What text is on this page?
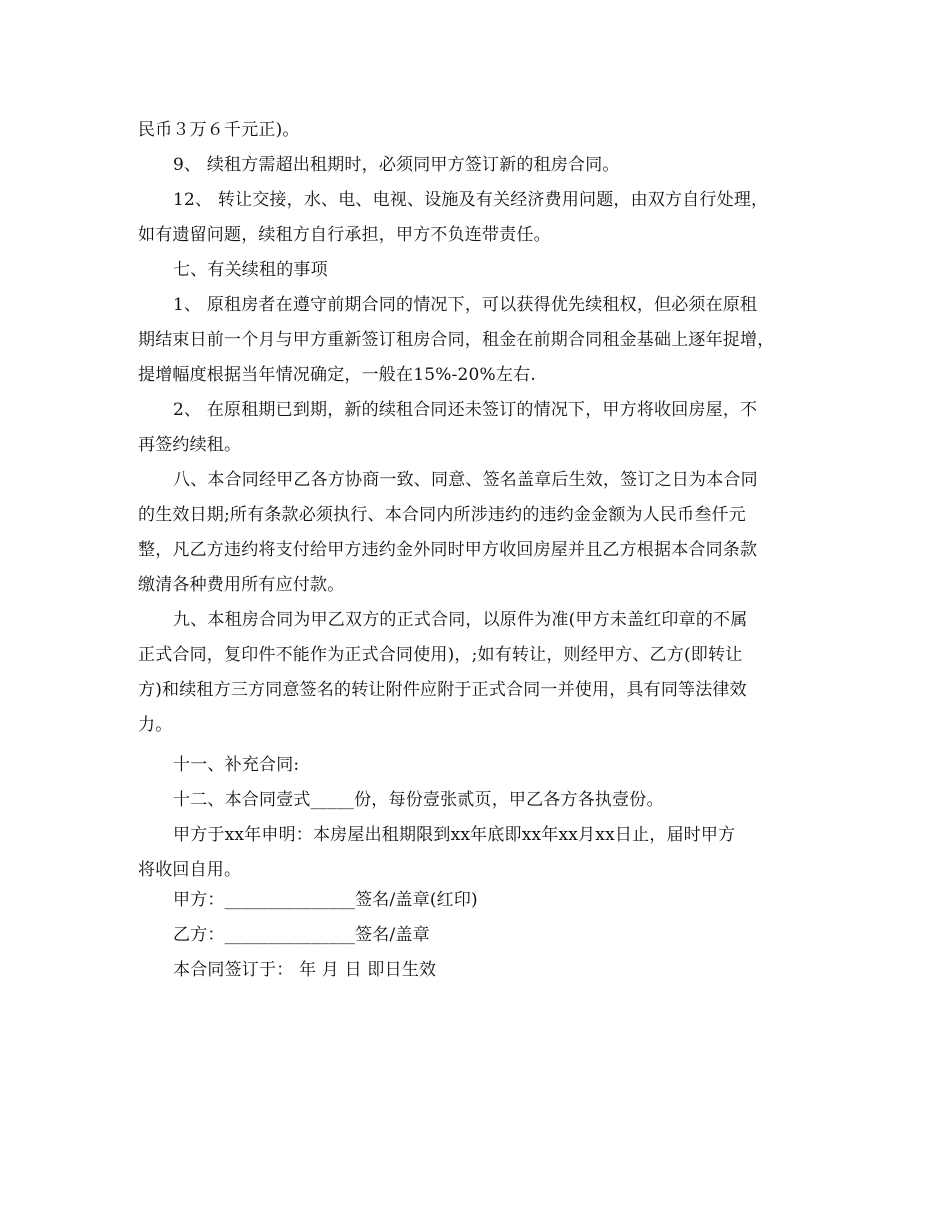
民币３万６千元正)。
9、 续租方需超出租期时，必须同甲方签订新的租房合同。
12、 转让交接，水、电、电视、设施及有关经济费用问题，由双方自行处理，
如有遗留问题，续租方自行承担，甲方不负连带责任。
七、有关续租的事项
1、 原租房者在遵守前期合同的情况下，可以获得优先续租权，但必须在原租
期结束日前一个月与甲方重新签订租房合同，租金在前期合同租金基础上逐年捉增，
提增幅度根据当年情况确定，一般在15%-20%左右.
2、 在原租期已到期，新的续租合同还未签订的情况下，甲方将收回房屋，不
再签约续租。
八、本合同经甲乙各方协商一致、同意、签名盖章后生效，签订之日为本合同
的生效日期;所有条款必须执行、本合同内所涉违约的违约金金额为人民币叁仟元
整，凡乙方违约将支付给甲方违约金外同时甲方收回房屋并且乙方根据本合同条款
缴清各种费用所有应付款。
九、本租房合同为甲乙双方的正式合同，以原件为准(甲方未盖红印章的不属
正式合同，复印件不能作为正式合同使用)，;如有转让，则经甲方、乙方(即转让
方)和续租方三方同意签名的转让附件应附于正式合同一并使用，具有同等法律效
力。
十一、补充合同:
十二、本合同壹式_____份，每份壹张贰页，甲乙各方各执壹份。
甲方于xx年申明：本房屋出租期限到xx年底即xx年xx月xx日止，届时甲方
将收回自用。
甲方：_______________签名/盖章(红印)
乙方：_______________签名/盖章
本合同签订于： 年 月 日 即日生效
